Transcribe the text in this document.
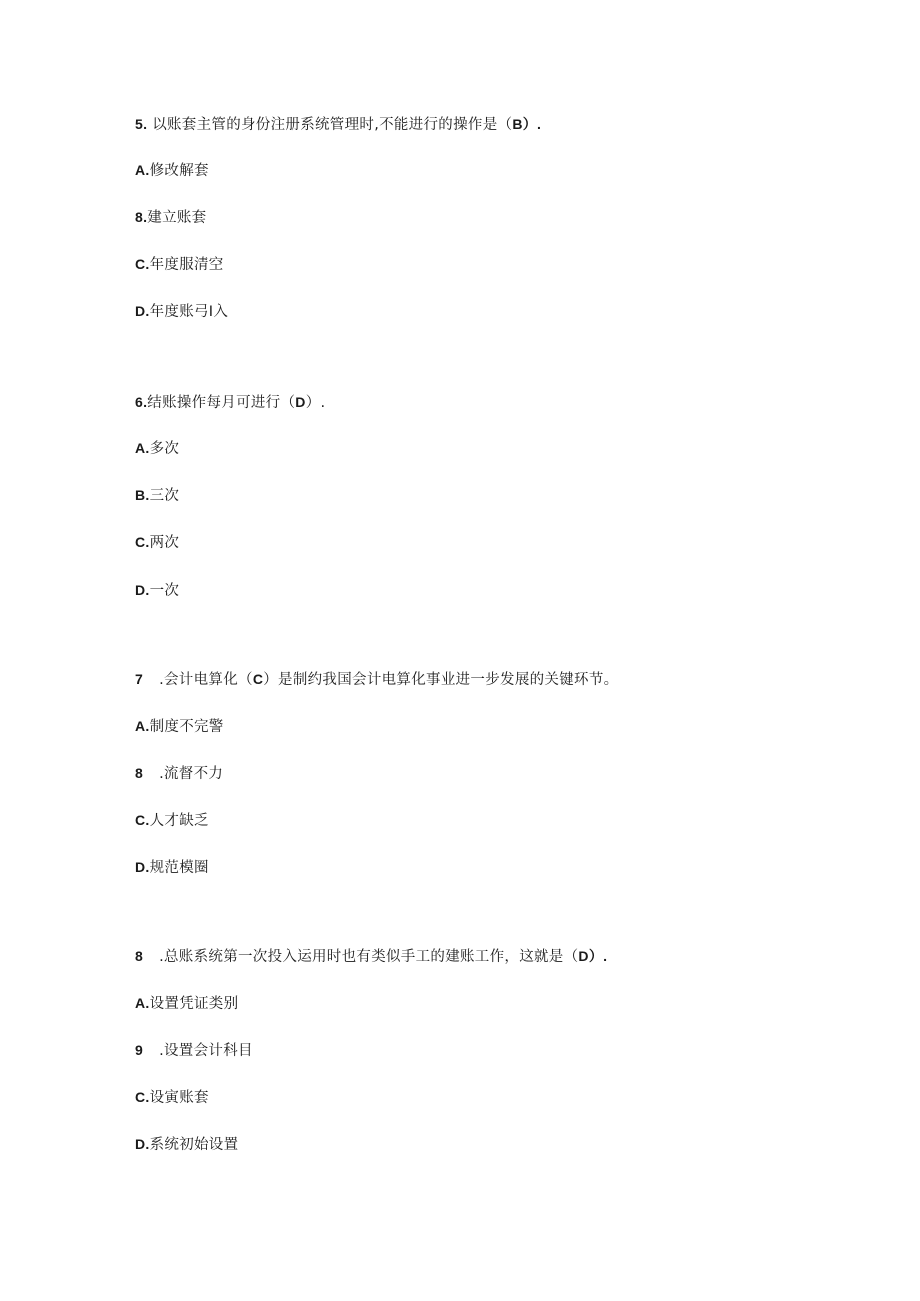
5. 以账套主管的身份注册系统管理时,不能进行的操作是（B）.
A.修改解套
8.建立账套
C.年度服清空
D.年度账弓I入
6.结账操作每月可进行（D）.
A.多次
B.三次
C.两次
D.一次
7 .会计电算化（C）是制约我国会计电算化事业进一步发展的关键环节。
A.制度不完警
8 .流督不力
C.人才缺乏
D.规范模圈
8 .总账系统第一次投入运用时也有类似手工的建账工作，这就是（D）.
A.设置凭证类别
9 .设置会计科目
C.设寅账套
D.系统初始设置
